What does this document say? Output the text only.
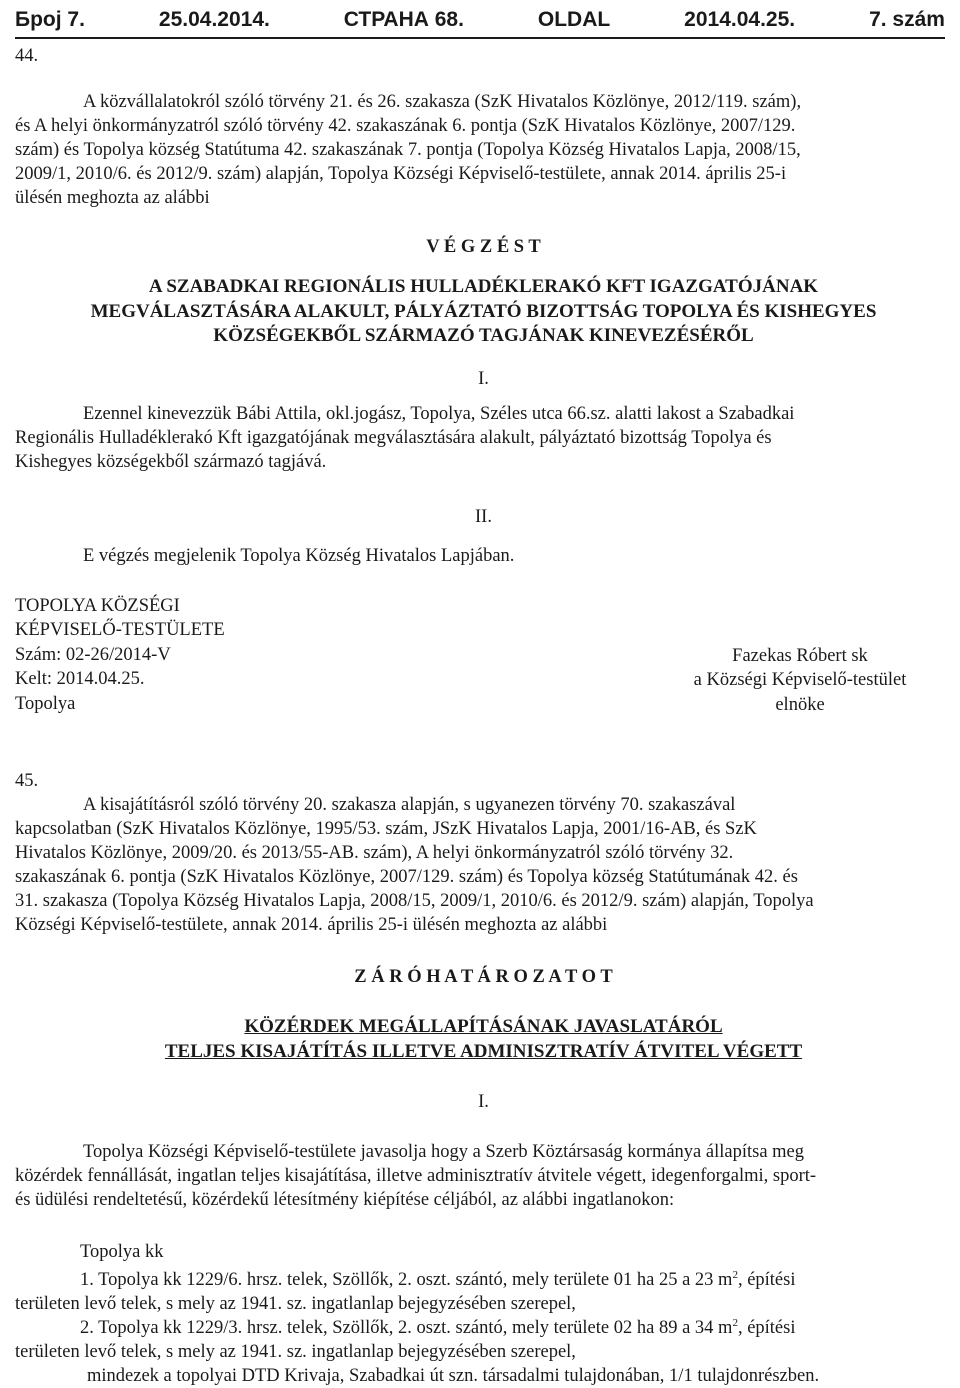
Број 7.	25.04.2014.	СТРАНА 68.	OLDAL	2014.04.25.	7. szám

44.

A közvállalatokról szóló törvény 21. és 26. szakasza (SzK Hivatalos Közlönye, 2012/119. szám),

és A helyi önkormányzatról szóló törvény 42. szakaszának 6. pontja (SzK Hivatalos Közlönye, 2007/129.

szám) és Topolya község Statútuma 42. szakaszának 7. pontja (Topolya Község Hivatalos Lapja, 2008/15,

2009/1, 2010/6. és 2012/9. szám) alapján, Topolya Községi Képviselő-testülete, annak 2014. április 25-i

ülésén meghozta az alábbi

V É G Z É S T

A SZABADKAI REGIONÁLIS HULLADÉKLERAKÓ KFT IGAZGATÓJÁNAK

MEGVÁLASZTÁSÁRA ALAKULT, PÁLYÁZTATÓ BIZOTTSÁG TOPOLYA ÉS KISHEGYES

KÖZSÉGEKBŐL SZÁRMAZÓ TAGJÁNAK KINEVEZÉSÉRŐL

I.

Ezennel kinevezzük Bábi Attila, okl.jogász, Topolya, Széles utca 66.sz. alatti lakost a Szabadkai

Regionális Hulladéklerakó Kft igazgatójának megválasztására alakult, pályáztató bizottság Topolya és

Kishegyes községekből származó tagjává.

II.

E végzés megjelenik Topolya Község Hivatalos Lapjában.

TOPOLYA KÖZSÉGI

KÉPVISELŐ-TESTÜLETE

Szám: 02-26/2014-V

Kelt: 2014.04.25.

Topolya

Fazekas Róbert sk

a Községi Képviselő-testület

elnöke

45.

A kisajátításról szóló törvény 20. szakasza alapján, s ugyanezen törvény 70. szakaszával

kapcsolatban (SzK Hivatalos Közlönye, 1995/53. szám, JSzK Hivatalos Lapja, 2001/16-AB, és SzK

Hivatalos Közlönye, 2009/20. és 2013/55-AB. szám), A helyi önkormányzatról szóló törvény 32.

szakaszának 6. pontja (SzK Hivatalos Közlönye, 2007/129. szám) és Topolya község Statútumának 42. és

31. szakasza (Topolya Község Hivatalos Lapja, 2008/15, 2009/1, 2010/6. és 2012/9. szám) alapján, Topolya

Községi Képviselő-testülete, annak 2014. április 25-i ülésén meghozta az alábbi

Z Á R Ó H A T Á R O Z A T O T

KÖZÉRDEK MEGÁLLAPÍTÁSÁNAK JAVASLATÁRÓL

TELJES KISAJÁTÍTÁS ILLETVE ADMINISZTRATÍV ÁTVITEL VÉGETT

I.

Topolya Községi Képviselő-testülete javasolja hogy a Szerb Köztársaság kormánya állapítsa meg

közérdek fennállását, ingatlan teljes kisajátítása, illetve adminisztratív átvitele végett, idegenforgalmi, sport-

és üdülési rendeltetésű, közérdekű létesítmény kiépítése céljából, az alábbi ingatlanokon:

Topolya kk

1. Topolya kk 1229/6. hrsz. telek, Szöllők, 2. oszt. szántó, mely területe 01 ha 25 a 23 $m^2$, építési

területen levő telek, s mely az 1941. sz. ingatlanlap bejegyzésében szerepel,

2. Topolya kk 1229/3. hrsz. telek, Szöllők, 2. oszt. szántó, mely területe 02 ha 89 a 34 $m^2$, építési

területen levő telek, s mely az 1941. sz. ingatlanlap bejegyzésében szerepel,

mindezek a topolyai DTD Krivaja, Szabadkai út szn. társadalmi tulajdonában, 1/1 tulajdonrészben.
